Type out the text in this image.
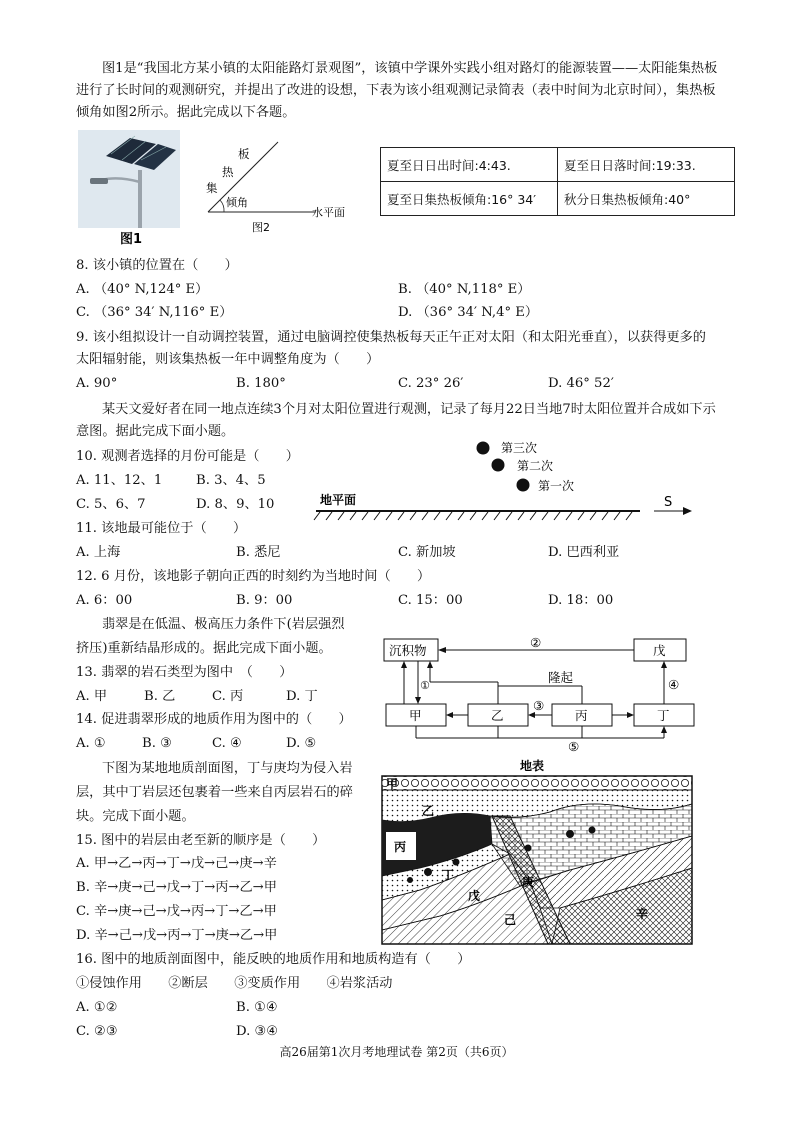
图1是“我国北方某小镇的太阳能路灯景观图”，该镇中学课外实践小组对路灯的能源装置——太阳能集热板进行了长时间的观测研究，并提出了改进的设想，下表为该小组观测记录简表（表中时间为北京时间），集热板倾角如图2所示。据此完成以下各题。
图1
板
热
集
倾角
水平面
图2
夏至日日出时间:4:43.	夏至日日落时间:19:33.
夏至日集热板倾角:16° 34′	秋分日集热板倾角:40°
8. 该小镇的位置在（　　）
A. （40° N,124° E）	B. （40° N,118° E）
C. （36° 34′ N,116° E）	D. （36° 34′ N,4° E）
9. 该小组拟设计一自动调控装置，通过电脑调控使集热板每天正午正对太阳（和太阳光垂直），以获得更多的太阳辐射能，则该集热板一年中调整角度为（　　）
A. 90°	B. 180°	C. 23° 26′	D. 46° 52′
某天文爱好者在同一地点连续3个月对太阳位置进行观测，记录了每月22日当地7时太阳位置并合成如下示意图。据此完成下面小题。
第三次
第二次
第一次
地平面	S
10. 观测者选择的月份可能是（　　）
A. 11、12、1	B. 3、4、5
C. 5、6、7	D. 8、9、10
11. 该地最可能位于（　　）
A. 上海	B. 悉尼	C. 新加坡	D. 巴西利亚
12. 6 月份，该地影子朝向正西的时刻约为当地时间（　　）
A. 6：00	B. 9：00	C. 15：00	D. 18：00
翡翠是在低温、极高压力条件下(岩层强烈
挤压)重新结晶形成的。据此完成下面小题。	沉积物	戊
甲	乙	丙	丁
隆起
②
①	④
③
⑤
13. 翡翠的岩石类型为图中　（　　）
A. 甲	B. 乙	C. 丙	D. 丁
14. 促进翡翠形成的地质作用为图中的（　　）
A. ①	B. ③	C. ④	D. ⑤
下图为某地地质剖面图，丁与庚均为侵入岩
层，其中丁岩层还包裹着一些来自丙层岩石的碎
块。完成下面小题。
地表
甲
乙
丙
丁
戊
己
庚
辛
15. 图中的岩层由老至新的顺序是（　　）
A. 甲→乙→丙→丁→戊→己→庚→辛
B. 辛→庚→己→戊→丁→丙→乙→甲
C. 辛→庚→己→戊→丙→丁→乙→甲
D. 辛→己→戊→丙→丁→庚→乙→甲
16. 图中的地质剖面图中，能反映的地质作用和地质构造有（　　）
①侵蚀作用　　②断层　　③变质作用　　④岩浆活动
A. ①②	B. ①④
C. ②③	D. ③④
高26届第1次月考地理试卷 第2页（共6页）
